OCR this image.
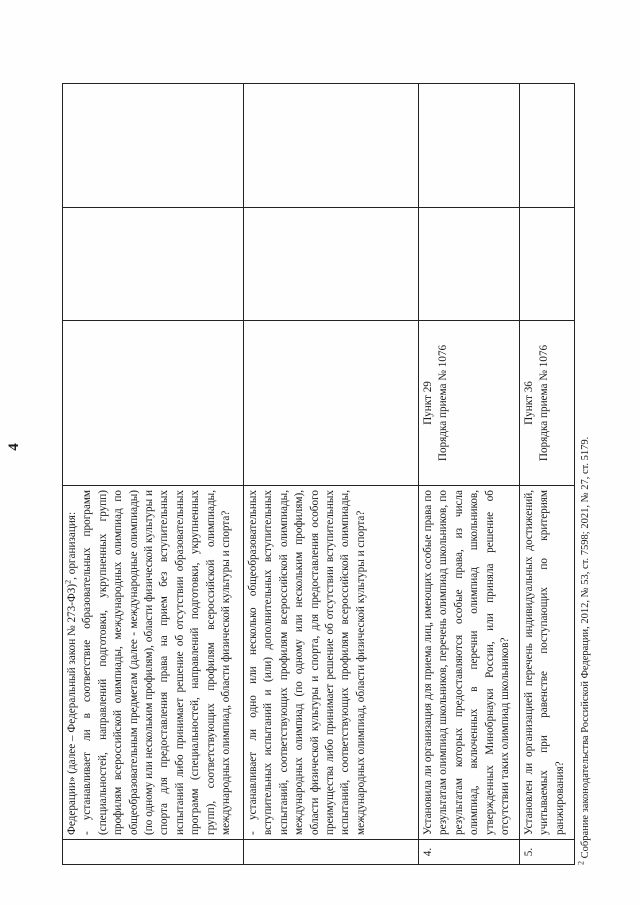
4

	Федерации» (далее – Федеральный закон № 273-ФЗ)$^2$, организация: - устанавливает ли в соответствие образовательных программ (специальностей, направлений подготовки, укрупненных групп) профилям всероссийской олимпиады, международных олимпиад по общеобразовательным предметам (далее - международные олимпиады) (по одному или нескольким профилям), области физической культуры и спорта для предоставления права на прием без вступительных испытаний либо принимает решение об отсутствии образовательных программ (специальностей, направлений подготовки, укрупненных групп), соответствующих профилям всероссийской олимпиады, международных олимпиад, области физической культуры и спорта?			

	- устанавливает ли одно или несколько общеобразовательных вступительных испытаний и (или) дополнительных вступительных испытаний, соответствующих профилям всероссийской олимпиады, международных олимпиад (по одному или нескольким профилям), области физической культуры и спорта, для предоставления особого преимущества либо принимает решение об отсутствии вступительных испытаний, соответствующих профилям всероссийской олимпиады, международных олимпиад, области физической культуры и спорта?			

4.	Установила ли организация для приема лиц, имеющих особые права по результатам олимпиад школьников, перечень олимпиад школьников, по результатам которых предоставляются особые права, из числа олимпиад, включенных в перечни олимпиад школьников, утвержденных Минобрнауки России, или приняла решение об отсутствии таких олимпиад школьников?	Пункт 29
Порядка приема № 1076		

5.	Установлен ли организацией перечень индивидуальных достижений, учитываемых при равенстве поступающих по критериям ранжирования?	Пункт 36
Порядка приема № 1076		

$^2$ Собрание законодательства Российской Федерации, 2012, № 53, ст. 7598; 2021, № 27, ст. 5179.
